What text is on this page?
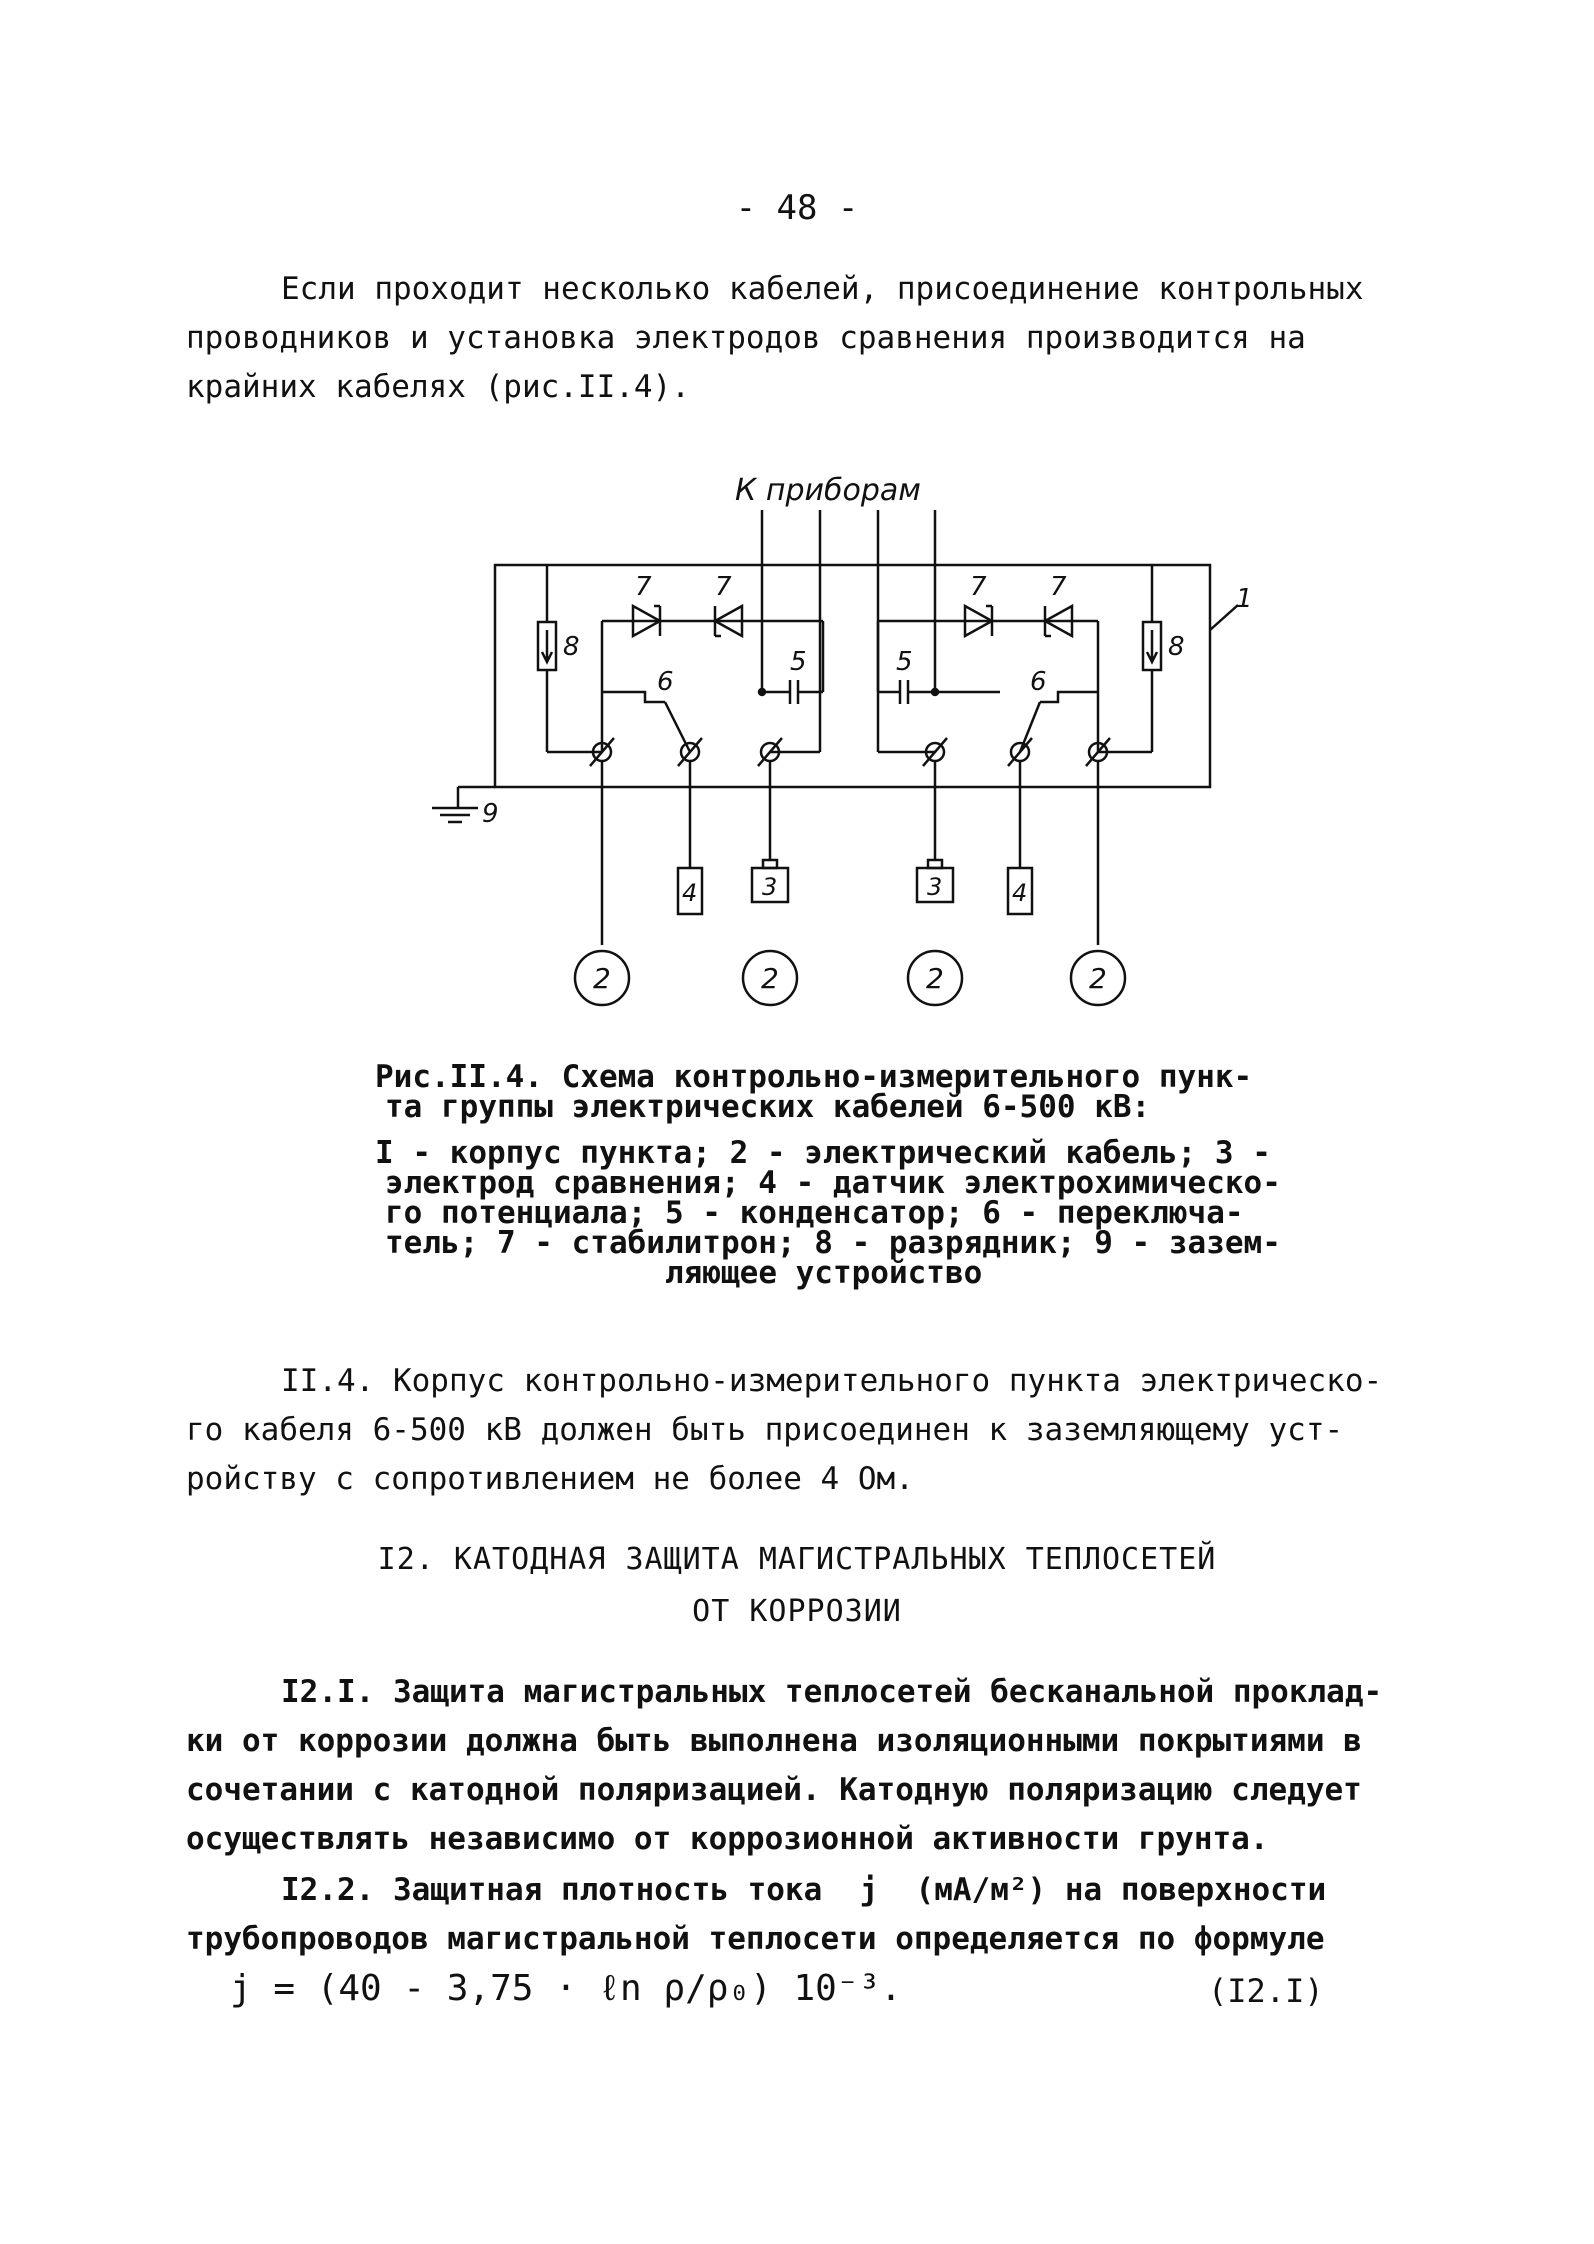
- 48 -
Если проходит несколько кабелей, присоединение контрольных
проводников и установка электродов сравнения производится на
крайних кабелях (рис.II.4).
К приборам
1
8
7 7
5
6
5
7 7
6
8
9
4	4
3	3
2	2	2	2
Рис.II.4. Схема контрольно-измерительного пунк-
та группы электрических кабелей 6-500 кВ:
I - корпус пункта; 2 - электрический кабель; 3 -
электрод сравнения; 4 - датчик электрохимическо-
го потенциала; 5 - конденсатор; 6 - переключа-
тель; 7 - стабилитрон; 8 - разрядник; 9 - зазем-
ляющее устройство
II.4. Корпус контрольно-измерительного пункта электрическо-
го кабеля 6-500 кВ должен быть присоединен к заземляющему уст-
ройству с сопротивлением не более 4 Ом.
I2. КАТОДНАЯ ЗАЩИТА МАГИСТРАЛЬНЫХ ТЕПЛОСЕТЕЙ
ОТ КОРРОЗИИ
I2.I. Защита магистральных теплосетей бесканальной проклад-
ки от коррозии должна быть выполнена изоляционными покрытиями в
сочетании с катодной поляризацией. Катодную поляризацию следует
осуществлять независимо от коррозионной активности грунта.
I2.2. Защитная плотность тока  j  (мА/м²) на поверхности
трубопроводов магистральной теплосети определяется по формуле
j = (40 - 3,75 · ℓn ρ/ρ₀) 10⁻³.	(I2.I)
